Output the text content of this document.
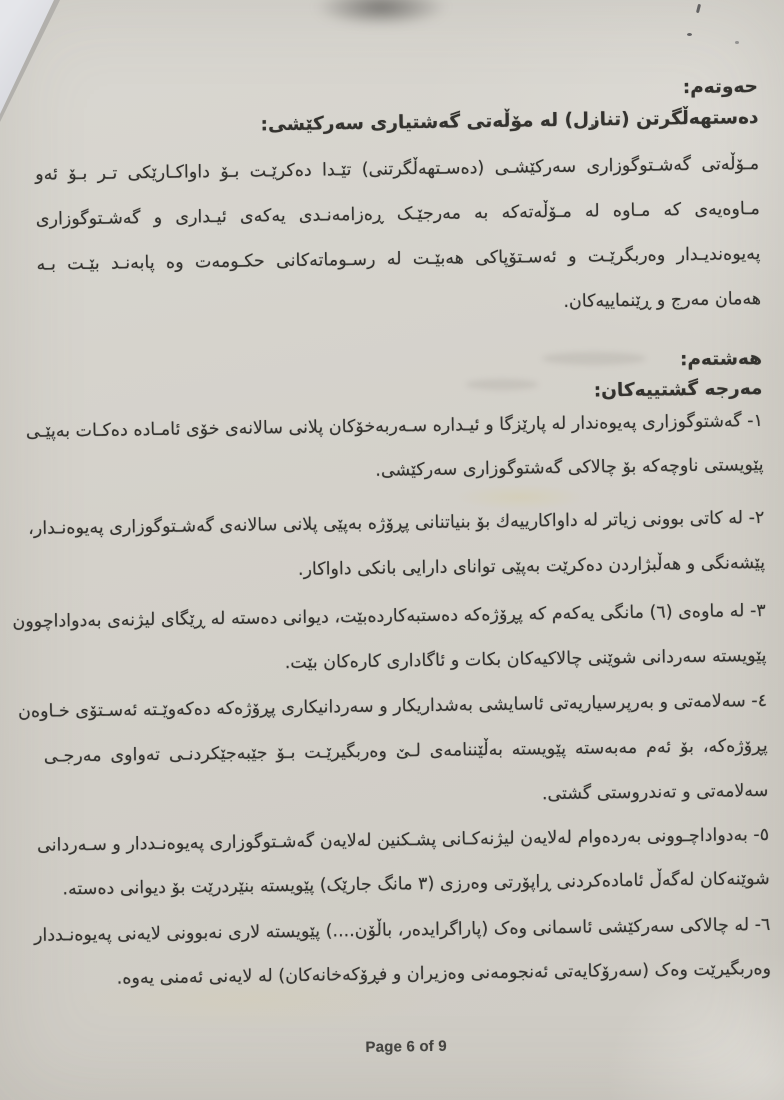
حەوتەم:
دەستهەڵگرتن (تنازل) لە مۆڵەتی گەشتیاری سەرکێشی:
مـۆڵەتی گەشـتوگوزاری سەرکێشـی (دەسـتهەڵگرتنی) تێـدا دەکرێـت بـۆ داواکـارێکی تـر بـۆ ئەو
مـاوەیەی کە مـاوە لە مـۆڵەتەکە بە مەرجێـک ڕەزامەنـدی یەکەی ئیـداری و گەشـتوگوزاری
پەیوەندیـدار وەربگرێـت و ئەسـتۆپاکی هەبێـت لە رسـوماتەکانی حکـومەت وە پابەنـد بێـت بـە
هەمان مەرج و ڕێنماییەکان.
هەشتەم:
مەرجە گشتییەکان:
١- گەشتوگوزاری پەیوەندار لە پارێزگا و ئیـدارە سـەربەخۆکان پلانی سالانەی خۆی ئامـادە دەکـات بەپێـی
پێویستی ناوچەکە بۆ چالاکی گەشتوگوزاری سەرکێشی.
٢- لە کاتی بوونی زیاتر لە داواکارییەك بۆ بنیاتنانی پڕۆژە بەپێی پلانی سالانەی گەشـتوگوزاری پەیوەنـدار،
پێشەنگی و هەڵبژاردن دەکرێت بەپێی توانای دارایی بانکی داواکار.
٣- لە ماوەی (٦) مانگی یەکەم کە پڕۆژەکە دەستبەکاردەبێت، دیوانی دەستە لە ڕێگای لیژنەی بەدواداچوون
پێویستە سەردانی شوێنی چالاکیەکان بکات و ئاگاداری کارەکان بێت.
٤- سەلامەتی و بەرپرسیاریەتی ئاسایشی بەشداریکار و سەردانیکاری پڕۆژەکە دەکەوێـتە ئەسـتۆی خـاوەن
پڕۆژەکە، بۆ ئەم مەبەستە پێویستە بەڵێننامەی لـێ وەربگیرێـت بـۆ جێبەجێکردنـی تەواوی مەرجـی
سەلامەتی و تەندروستی گشتی.
٥- بەدواداچـوونی بەردەوام لەلایەن لیژنەکـانی پشـکنین لەلایەن گەشـتوگوزاری پەیوەنـددار و سـەردانی
شوێنەکان لەگەڵ ئامادەکردنی ڕاپۆرتی وەرزی (٣ مانگ جارێک) پێویستە بنێردرێت بۆ دیوانی دەستە.
٦- لە چالاکی سەرکێشی ئاسمانی وەک (پاراگرایدەر، باڵۆن....) پێویستە لاری نەبوونی لایەنی پەیوەنـددار
وەربگیرێت وەک (سەرۆکایەتی ئەنجومەنی وەزیران و فڕۆکەخانەکان) لە لایەنی ئەمنی یەوە.
Page 6 of 9
